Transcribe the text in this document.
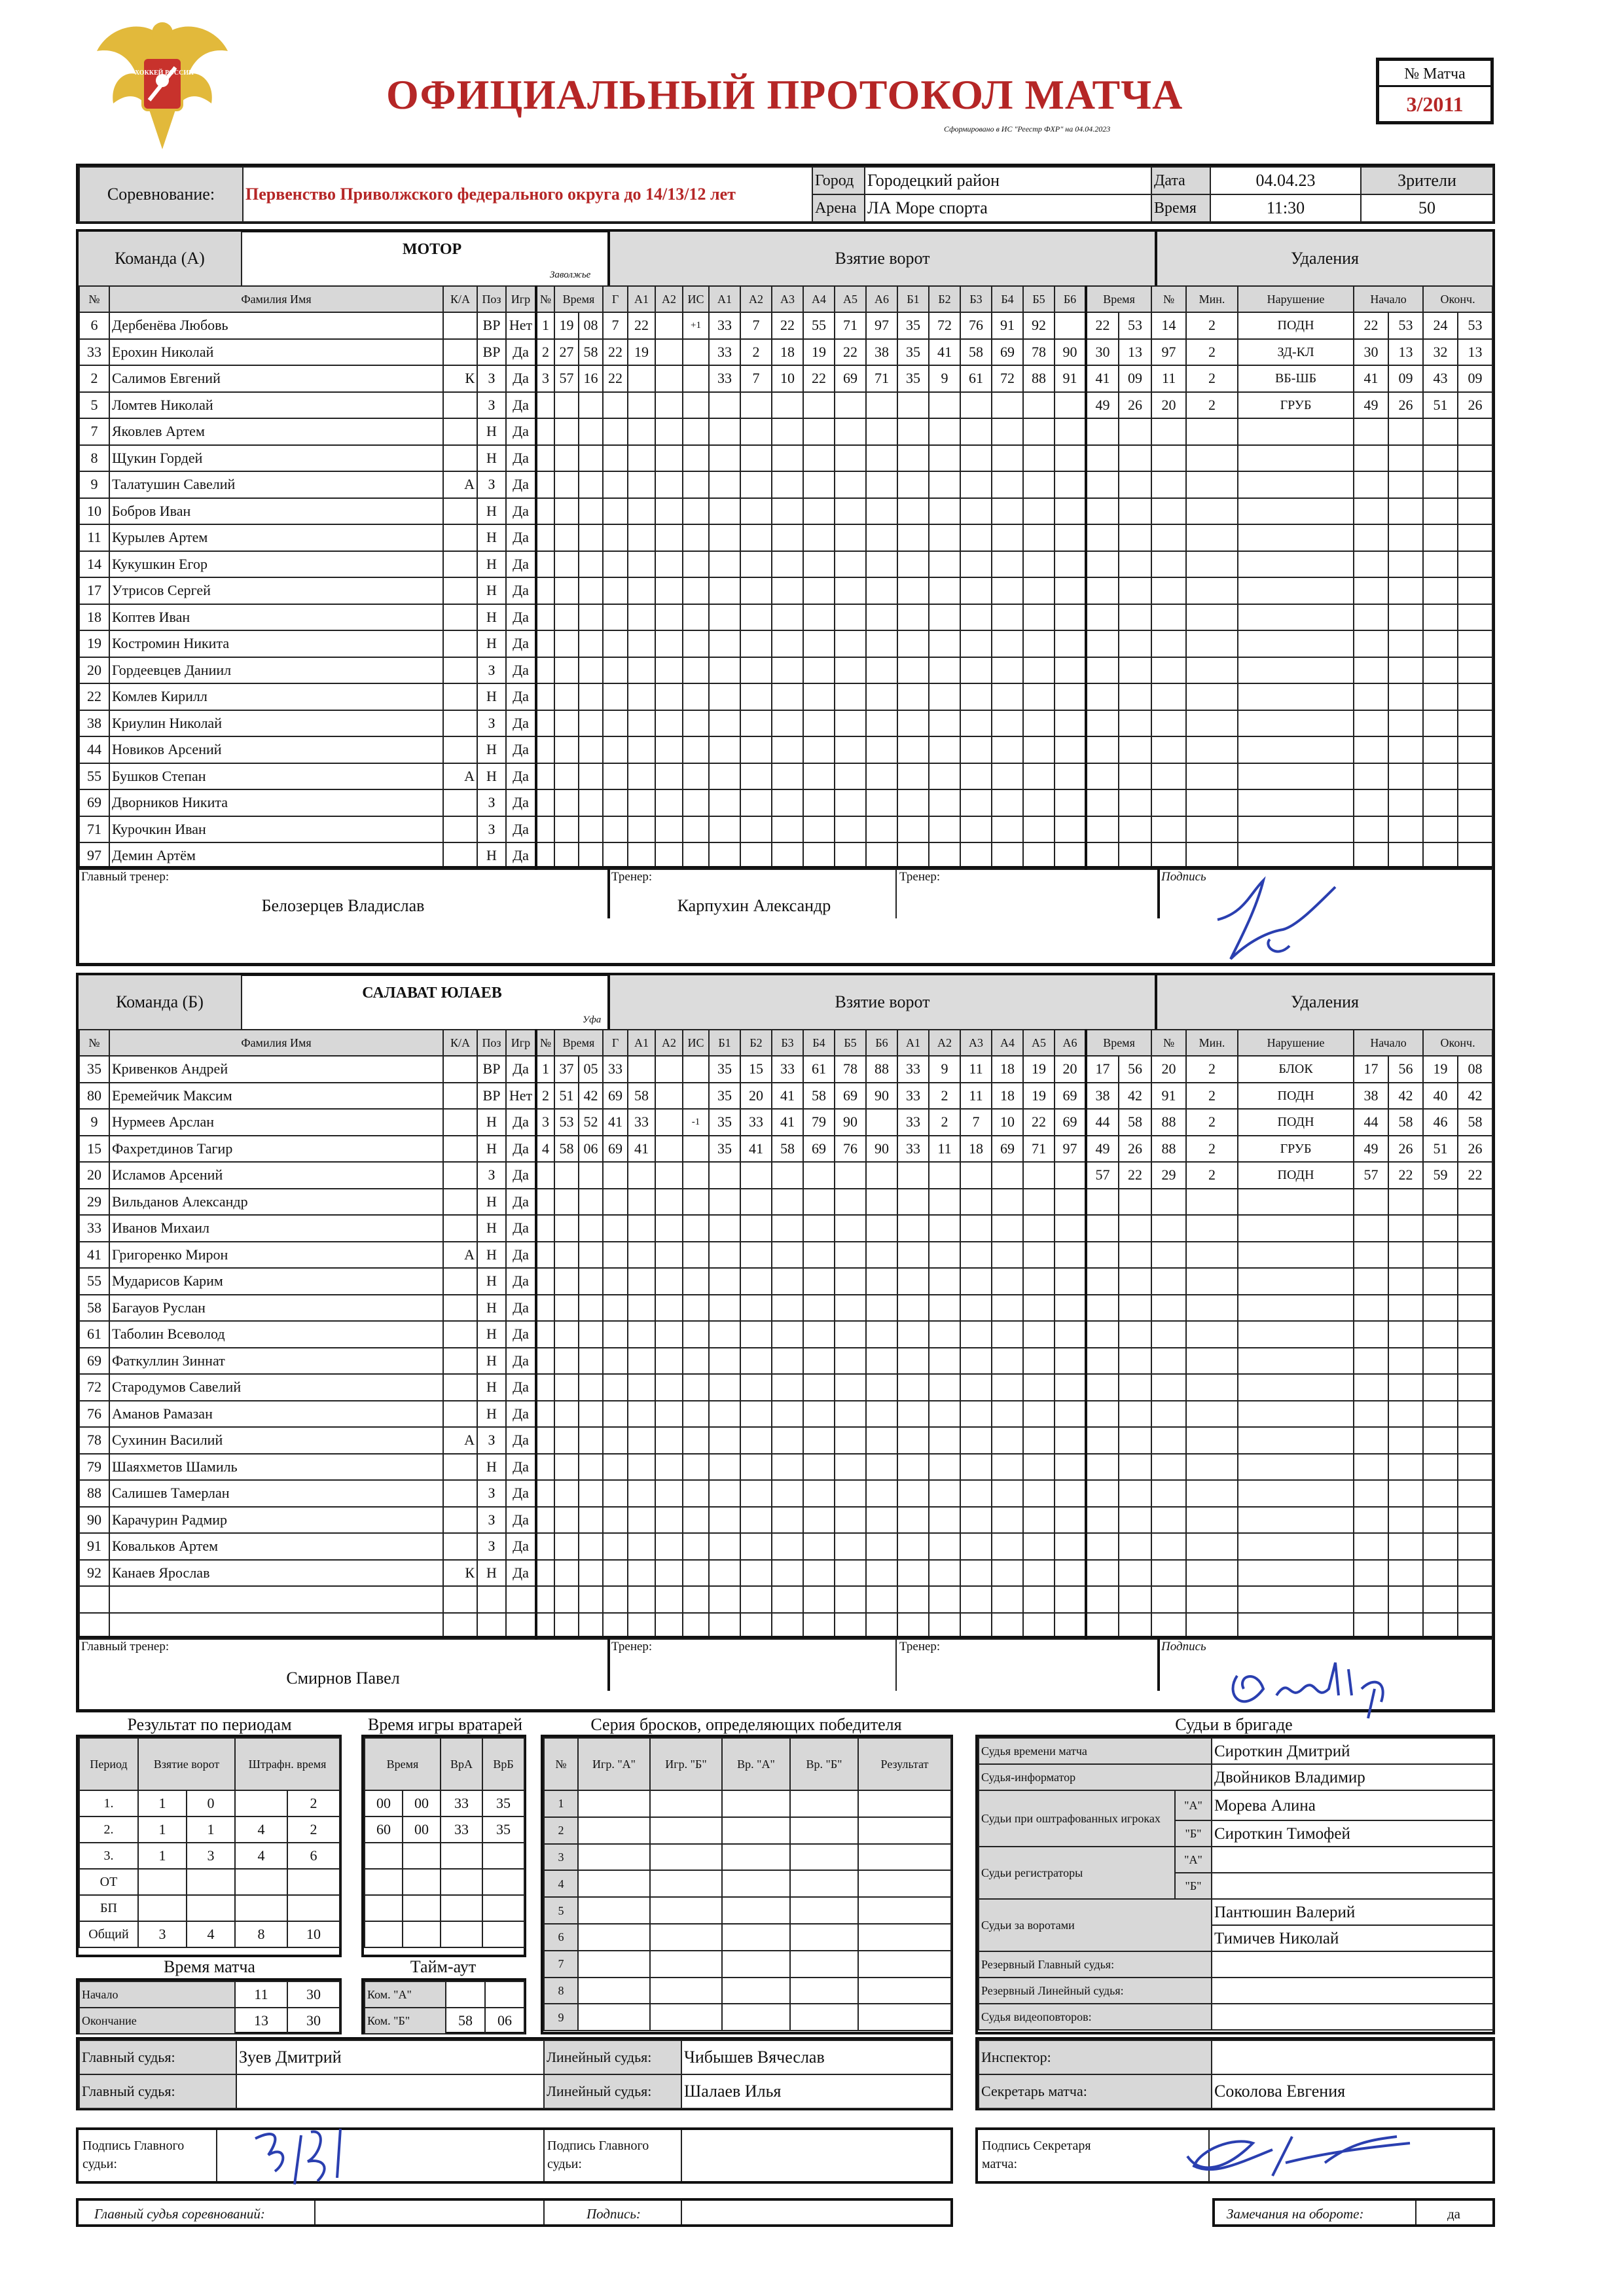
ХОККЕЙ РОССИИ	ОФИЦИАЛЬНЫЙ ПРОТОКОЛ МАТЧА
Сформировано в ИС "Реестр ФХР" на 04.04.2023
№ Матча
3/2011
Соревнование:	Первенство Приволжского федерального округа до 14/13/12 лет	Город	Городецкий район	Дата	04.04.23	Зрители
		Арена	ЛА Море спорта	Время	11:30	50
Команда (А)	МОТОР
Заволжье
Взятие ворот	Удаления
№	Фамилия Имя	К/А	Поз	Игр	№	Время		Г	А1	А2	ИС	А1	А2	А3	А4	А5	А6	Б1	Б2	Б3	Б4	Б5	Б6	Время		№	Мин.	Нарушение	Начало		Оконч.	
6	Дербенёва Любовь		ВР	Нет	1	19	08	7	22		+1	33	7	22	55	71	97	35	72	76	91	92		22	53	14	2	ПОДН	22	53	24	53
33	Ерохин Николай		ВР	Да	2	27	58	22	19			33	2	18	19	22	38	35	41	58	69	78	90	30	13	97	2	ЗД-КЛ	30	13	32	13
2	Салимов Евгений	К	З	Да	3	57	16	22				33	7	10	22	69	71	35	9	61	72	88	91	41	09	11	2	ВБ-ШБ	41	09	43	09
5	Ломтев Николай		З	Да																				49	26	20	2	ГРУБ	49	26	51	26
7	Яковлев Артем		Н	Да																												
8	Щукин Гордей		Н	Да																												
9	Талатушин Савелий	А	З	Да																												
10	Бобров Иван		Н	Да																												
11	Курылев Артем		Н	Да																												
14	Кукушкин Егор		Н	Да																												
17	Утрисов Сергей		Н	Да																												
18	Коптев Иван		Н	Да																												
19	Костромин Никита		Н	Да																												
20	Гордеевцев Даниил		З	Да																												
22	Комлев Кирилл		Н	Да																												
38	Криулин Николай		З	Да																												
44	Новиков Арсений		Н	Да																												
55	Бушков Степан	А	Н	Да																												
69	Дворников Никита		З	Да																												
71	Курочкин Иван		З	Да																												
97	Демин Артём		Н	Да																												
Главный тренер:
Белозерцев Владислав
Тренер:
Карпухин Александр
Тренер:	Подпись
Команда (Б)	САЛАВАТ ЮЛАЕВ
Уфа
Взятие ворот	Удаления
№	Фамилия Имя	К/А	Поз	Игр	№	Время		Г	А1	А2	ИС	Б1	Б2	Б3	Б4	Б5	Б6	А1	А2	А3	А4	А5	А6	Время		№	Мин.	Нарушение	Начало		Оконч.	
35	Кривенков Андрей		ВР	Да	1	37	05	33				35	15	33	61	78	88	33	9	11	18	19	20	17	56	20	2	БЛОК	17	56	19	08
80	Еремейчик Максим		ВР	Нет	2	51	42	69	58			35	20	41	58	69	90	33	2	11	18	19	69	38	42	91	2	ПОДН	38	42	40	42
9	Нурмеев Арслан		Н	Да	3	53	52	41	33		-1	35	33	41	79	90		33	2	7	10	22	69	44	58	88	2	ПОДН	44	58	46	58
15	Фахретдинов Тагир		Н	Да	4	58	06	69	41			35	41	58	69	76	90	33	11	18	69	71	97	49	26	88	2	ГРУБ	49	26	51	26
20	Исламов Арсений		З	Да																				57	22	29	2	ПОДН	57	22	59	22
29	Вильданов Александр		Н	Да																												
33	Иванов Михаил		Н	Да																												
41	Григоренко Мирон	А	Н	Да																												
55	Мударисов Карим		Н	Да																												
58	Багауов Руслан		Н	Да																												
61	Таболин Всеволод		Н	Да																												
69	Фаткуллин Зиннат		Н	Да																												
72	Стародумов Савелий		Н	Да																												
76	Аманов Рамазан		Н	Да																												
78	Сухинин Василий	А	З	Да																												
79	Шаяхметов Шамиль		Н	Да																												
88	Салишев Тамерлан		З	Да																												
90	Карачурин Радмир		З	Да																												
91	Ковальков Артем		З	Да																												
92	Канаев Ярослав	К	Н	Да																												

Главный тренер:
Смирнов Павел
Тренер:	Тренер:	Подпись
Результат по периодам	Время игры вратарей	Серия бросков, определяющих победителя	Судьи в бригаде
Период	Взятие ворот		Штрафн. время	
1.	1	0		2
2.	1	1	4	2
3.	1	3	4	6
ОТ				
БП				
Общий	3	4	8	10
Время		ВрА	ВрБ
00	00	33	35
60	00	33	35

Время матча
Начало	11	30
Окончание	13	30
Тайм-аут
Ком. "А"		
Ком. "Б"	58	06
№	Игр. "А"	Игр. "Б"	Вр. "А"	Вр. "Б"	Результат
1					
2					
3					
4					
5					
6					
7					
8					
9					
Судья времени матча		Сироткин Дмитрий
Судья-информатор		Двойников Владимир
Судьи при оштрафованных игроках	"А"	Морева Алина
	"Б"	Сироткин Тимофей
Судьи регистраторы	"А"	
	"Б"	
Судьи за воротами		Пантюшин Валерий
		Тимичев Николай
Резервный Главный судья:		
Резервный Линейный судья:		
Судья видеоповторов:		
Главный судья:	Зуев Дмитрий	Линейный судья:	Чибышев Вячеслав
Главный судья:		Линейный судья:	Шалаев Илья
Инспектор:	
Секретарь матча:	Соколова Евгения
Подпись Главного судьи:
Подпись Главного судьи:
Подпись Секретаря матча:
Главный судья соревнований:	Подпись:	Замечания на обороте:	да
